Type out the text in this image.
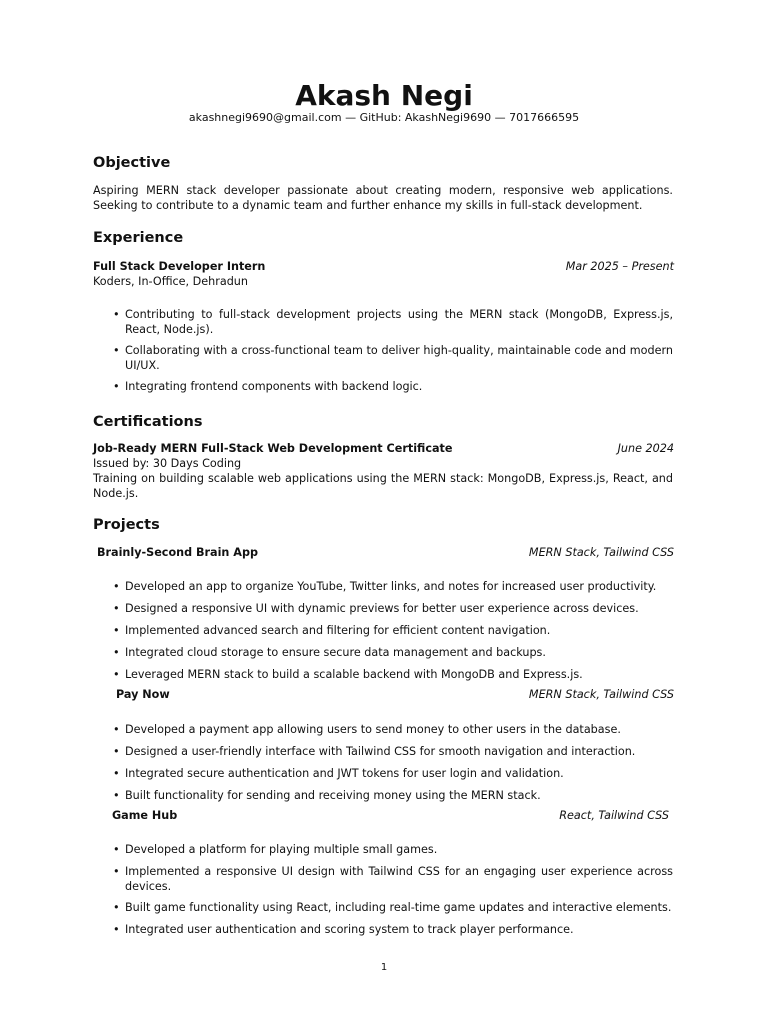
Akash Negi
akashnegi9690@gmail.com — GitHub: AkashNegi9690 — 7017666595
Objective

Aspiring MERN stack developer passionate about creating modern, responsive web applications. Seeking to contribute to a dynamic team and further enhance my skills in full-stack development.

Experience
Full Stack Developer Intern	Mar 2025 – Present
Koders, In-Office, Dehradun
• Contributing to full-stack development projects using the MERN stack (MongoDB, Express.js, React, Node.js).
• Collaborating with a cross-functional team to deliver high-quality, maintainable code and modern UI/UX.
• Integrating frontend components with backend logic.
Certifications
Job-Ready MERN Full-Stack Web Development Certificate	June 2024
Issued by: 30 Days Coding

Training on building scalable web applications using the MERN stack: MongoDB, Express.js, React, and Node.js.

Projects
Brainly-Second Brain App	MERN Stack, Tailwind CSS
• Developed an app to organize YouTube, Twitter links, and notes for increased user productivity.
• Designed a responsive UI with dynamic previews for better user experience across devices.
• Implemented advanced search and filtering for efficient content navigation.
• Integrated cloud storage to ensure secure data management and backups.
• Leveraged MERN stack to build a scalable backend with MongoDB and Express.js.
Pay Now	MERN Stack, Tailwind CSS
• Developed a payment app allowing users to send money to other users in the database.
• Designed a user-friendly interface with Tailwind CSS for smooth navigation and interaction.
• Integrated secure authentication and JWT tokens for user login and validation.
• Built functionality for sending and receiving money using the MERN stack.
Game Hub	React, Tailwind CSS
• Developed a platform for playing multiple small games.
• Implemented a responsive UI design with Tailwind CSS for an engaging user experience across devices.
• Built game functionality using React, including real-time game updates and interactive elements.
• Integrated user authentication and scoring system to track player performance.
1
